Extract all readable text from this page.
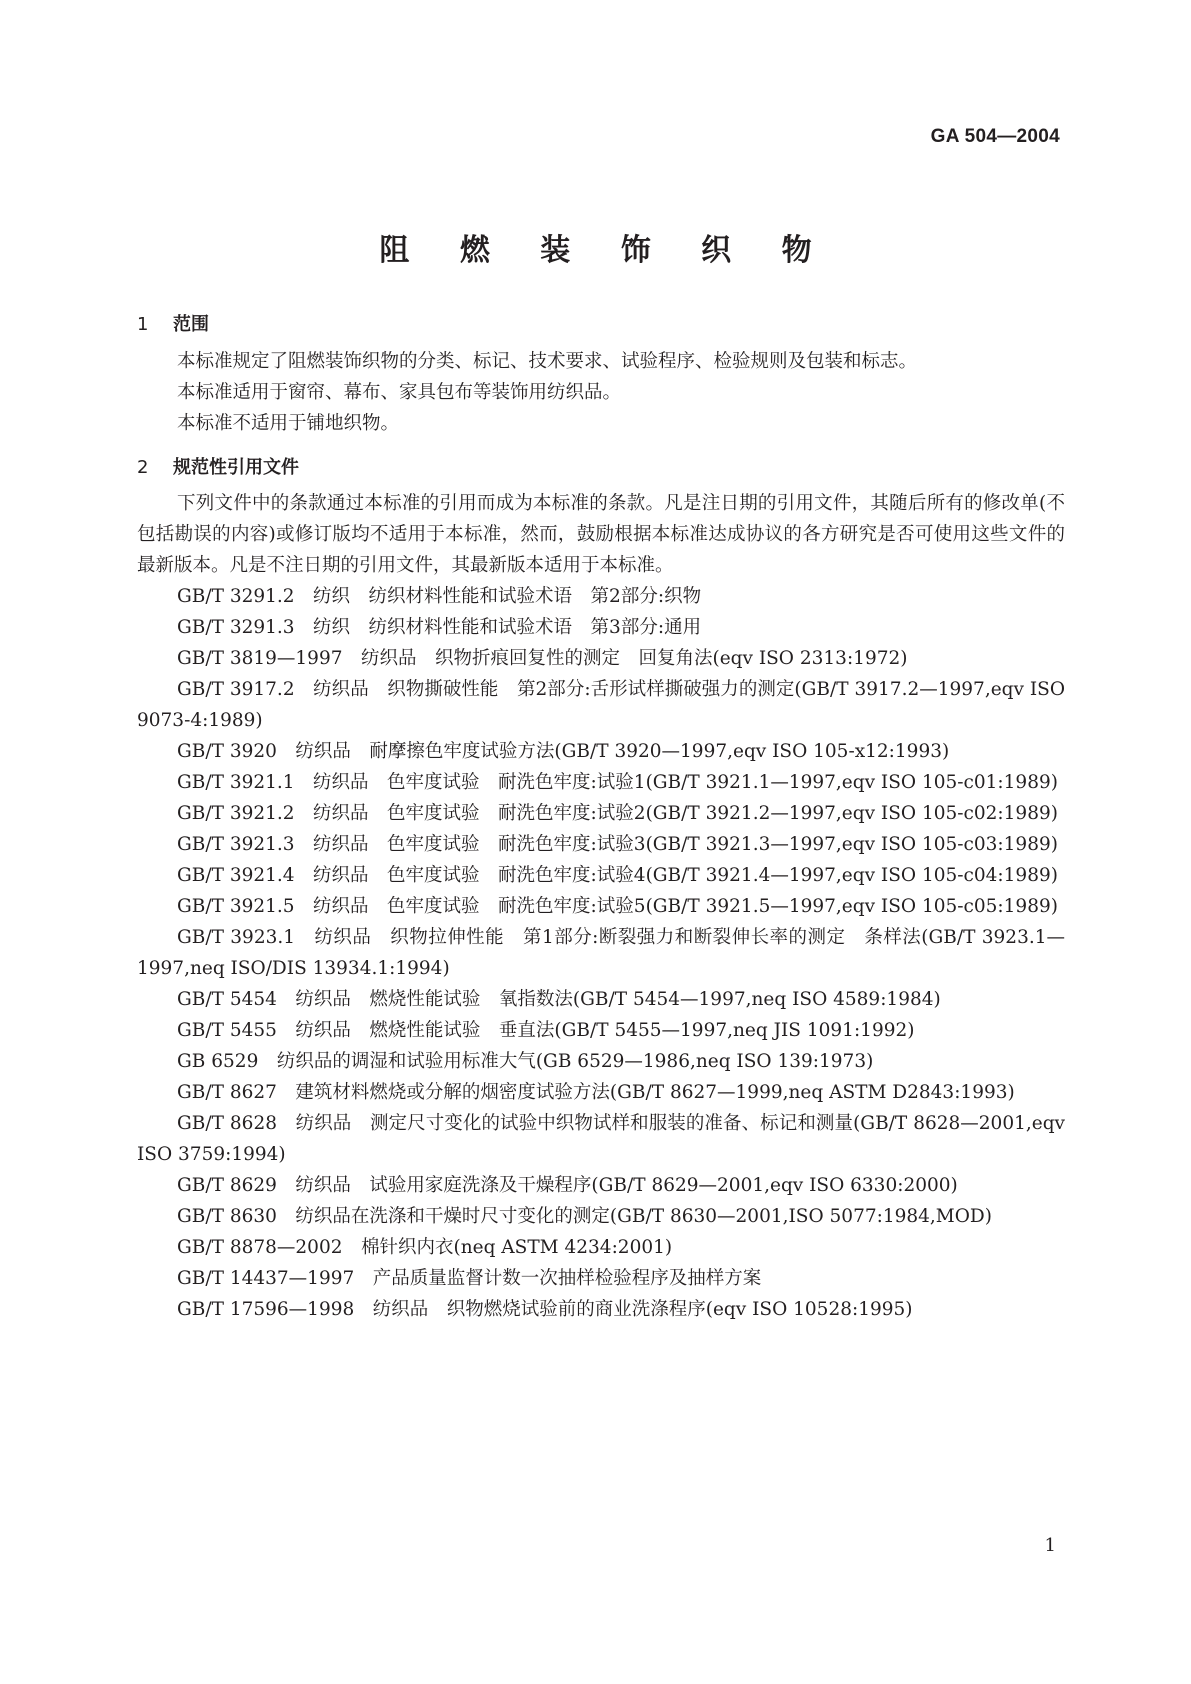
GA 504—2004
阻 燃 装 饰 织 物
1 范围

本标准规定了阻燃装饰织物的分类、标记、技术要求、试验程序、检验规则及包装和标志。

本标准适用于窗帘、幕布、家具包布等装饰用纺织品。

本标准不适用于铺地织物。

2 规范性引用文件

下列文件中的条款通过本标准的引用而成为本标准的条款。凡是注日期的引用文件，其随后所有的修改单(不包括勘误的内容)或修订版均不适用于本标准，然而，鼓励根据本标准达成协议的各方研究是否可使用这些文件的最新版本。凡是不注日期的引用文件，其最新版本适用于本标准。

GB/T 3291.2　纺织　纺织材料性能和试验术语　第2部分:织物

GB/T 3291.3　纺织　纺织材料性能和试验术语　第3部分:通用

GB/T 3819—1997　纺织品　织物折痕回复性的测定　回复角法(eqv ISO 2313:1972)

GB/T 3917.2　纺织品　织物撕破性能　第2部分:舌形试样撕破强力的测定(GB/T 3917.2—1997,eqv ISO 9073-4:1989)

GB/T 3920　纺织品　耐摩擦色牢度试验方法(GB/T 3920—1997,eqv ISO 105-x12:1993)

GB/T 3921.1　纺织品　色牢度试验　耐洗色牢度:试验1(GB/T 3921.1—1997,eqv ISO 105-c01:1989)

GB/T 3921.2　纺织品　色牢度试验　耐洗色牢度:试验2(GB/T 3921.2—1997,eqv ISO 105-c02:1989)

GB/T 3921.3　纺织品　色牢度试验　耐洗色牢度:试验3(GB/T 3921.3—1997,eqv ISO 105-c03:1989)

GB/T 3921.4　纺织品　色牢度试验　耐洗色牢度:试验4(GB/T 3921.4—1997,eqv ISO 105-c04:1989)

GB/T 3921.5　纺织品　色牢度试验　耐洗色牢度:试验5(GB/T 3921.5—1997,eqv ISO 105-c05:1989)

GB/T 3923.1　纺织品　织物拉伸性能　第1部分:断裂强力和断裂伸长率的测定　条样法(GB/T 3923.1—1997,neq ISO/DIS 13934.1:1994)

GB/T 5454　纺织品　燃烧性能试验　氧指数法(GB/T 5454—1997,neq ISO 4589:1984)

GB/T 5455　纺织品　燃烧性能试验　垂直法(GB/T 5455—1997,neq JIS 1091:1992)

GB 6529　纺织品的调湿和试验用标准大气(GB 6529—1986,neq ISO 139:1973)

GB/T 8627　建筑材料燃烧或分解的烟密度试验方法(GB/T 8627—1999,neq ASTM D2843:1993)

GB/T 8628　纺织品　测定尺寸变化的试验中织物试样和服装的准备、标记和测量(GB/T 8628—2001,eqv ISO 3759:1994)

GB/T 8629　纺织品　试验用家庭洗涤及干燥程序(GB/T 8629—2001,eqv ISO 6330:2000)

GB/T 8630　纺织品在洗涤和干燥时尺寸变化的测定(GB/T 8630—2001,ISO 5077:1984,MOD)

GB/T 8878—2002　棉针织内衣(neq ASTM 4234:2001)

GB/T 14437—1997　产品质量监督计数一次抽样检验程序及抽样方案

GB/T 17596—1998　纺织品　织物燃烧试验前的商业洗涤程序(eqv ISO 10528:1995)

1
